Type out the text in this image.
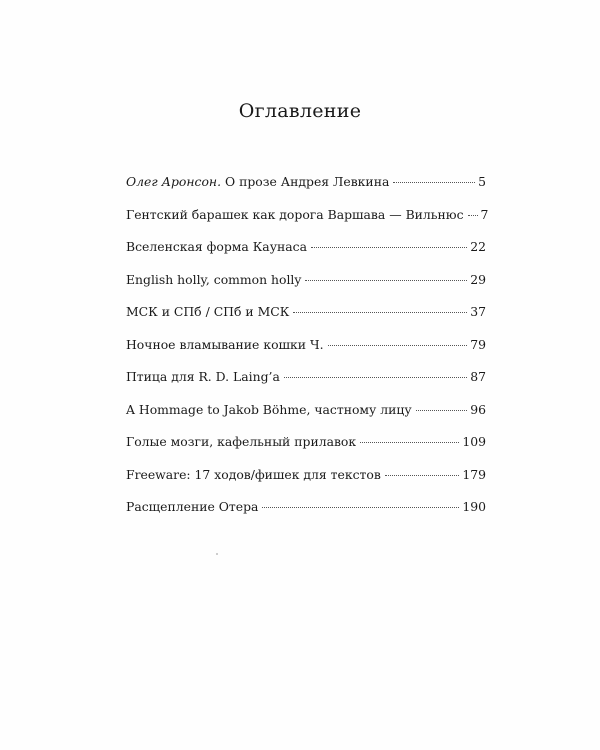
Оглавление
Олег Аронсон. О прозе Андрея Левкина	5
Гентский барашек как дорога Варшава — Вильнюс 7
Вселенская форма Каунаса	22
English holly, common holly	29
МСК и СПб / СПб и МСК	37
Ночное вламывание кошки Ч.	79
Птица для R. D. Laing’a	87
A Hommage to Jakob Böhme, частному лицу	96
Голые мозги, кафельный прилавок	109
Freeware: 17 ходов/фишек для текстов	179
Расщепление Отера	190
